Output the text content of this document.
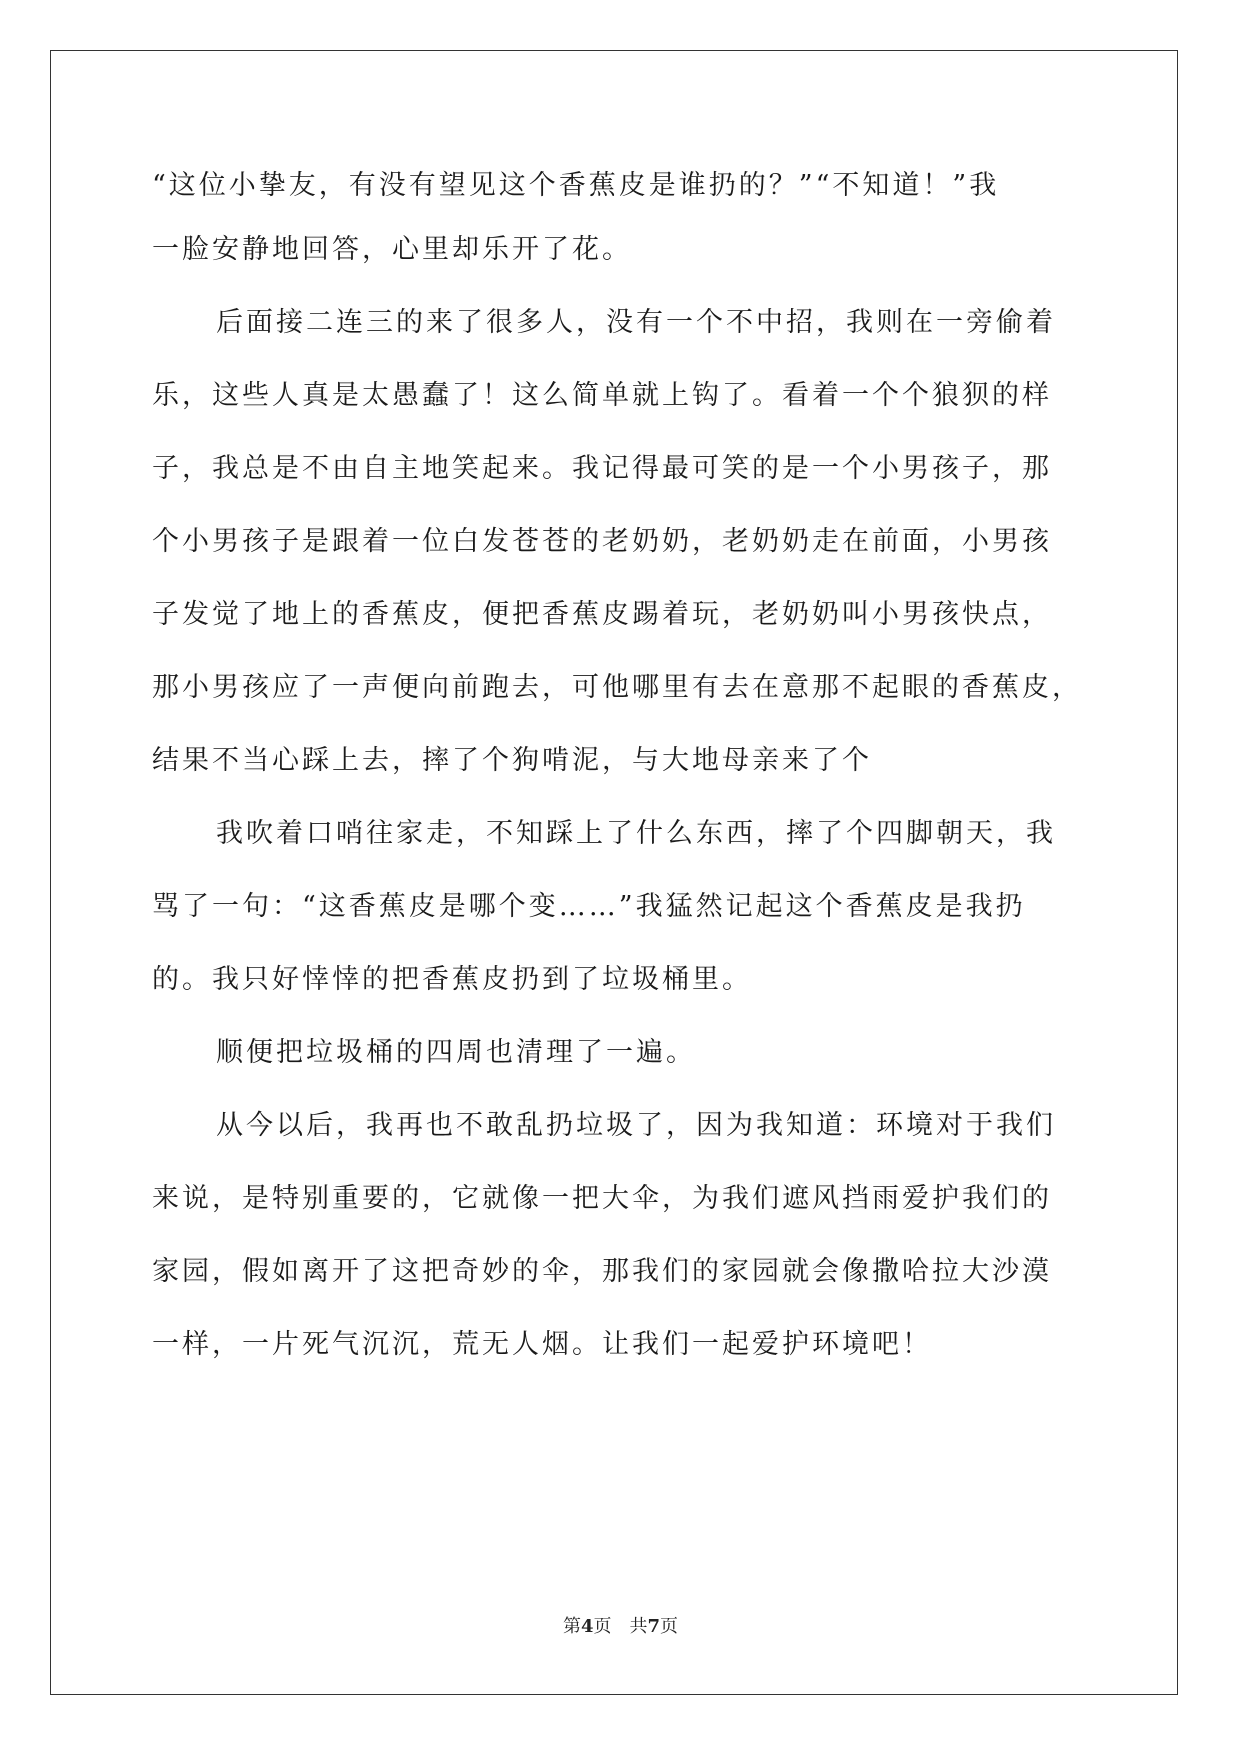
“这位小挚友，有没有望见这个香蕉皮是谁扔的？”“不知道！”我
一脸安静地回答，心里却乐开了花。
后面接二连三的来了很多人，没有一个不中招，我则在一旁偷着
乐，这些人真是太愚蠢了！这么简单就上钩了。看着一个个狼狈的样
子，我总是不由自主地笑起来。我记得最可笑的是一个小男孩子，那
个小男孩子是跟着一位白发苍苍的老奶奶，老奶奶走在前面，小男孩
子发觉了地上的香蕉皮，便把香蕉皮踢着玩，老奶奶叫小男孩快点，
那小男孩应了一声便向前跑去，可他哪里有去在意那不起眼的香蕉皮，
结果不当心踩上去，摔了个狗啃泥，与大地母亲来了个
我吹着口哨往家走，不知踩上了什么东西，摔了个四脚朝天，我
骂了一句：“这香蕉皮是哪个变……”我猛然记起这个香蕉皮是我扔
的。我只好悻悻的把香蕉皮扔到了垃圾桶里。
顺便把垃圾桶的四周也清理了一遍。
从今以后，我再也不敢乱扔垃圾了，因为我知道：环境对于我们
来说，是特别重要的，它就像一把大伞，为我们遮风挡雨爱护我们的
家园，假如离开了这把奇妙的伞，那我们的家园就会像撒哈拉大沙漠
一样，一片死气沉沉，荒无人烟。让我们一起爱护环境吧！
第4页　共7页
